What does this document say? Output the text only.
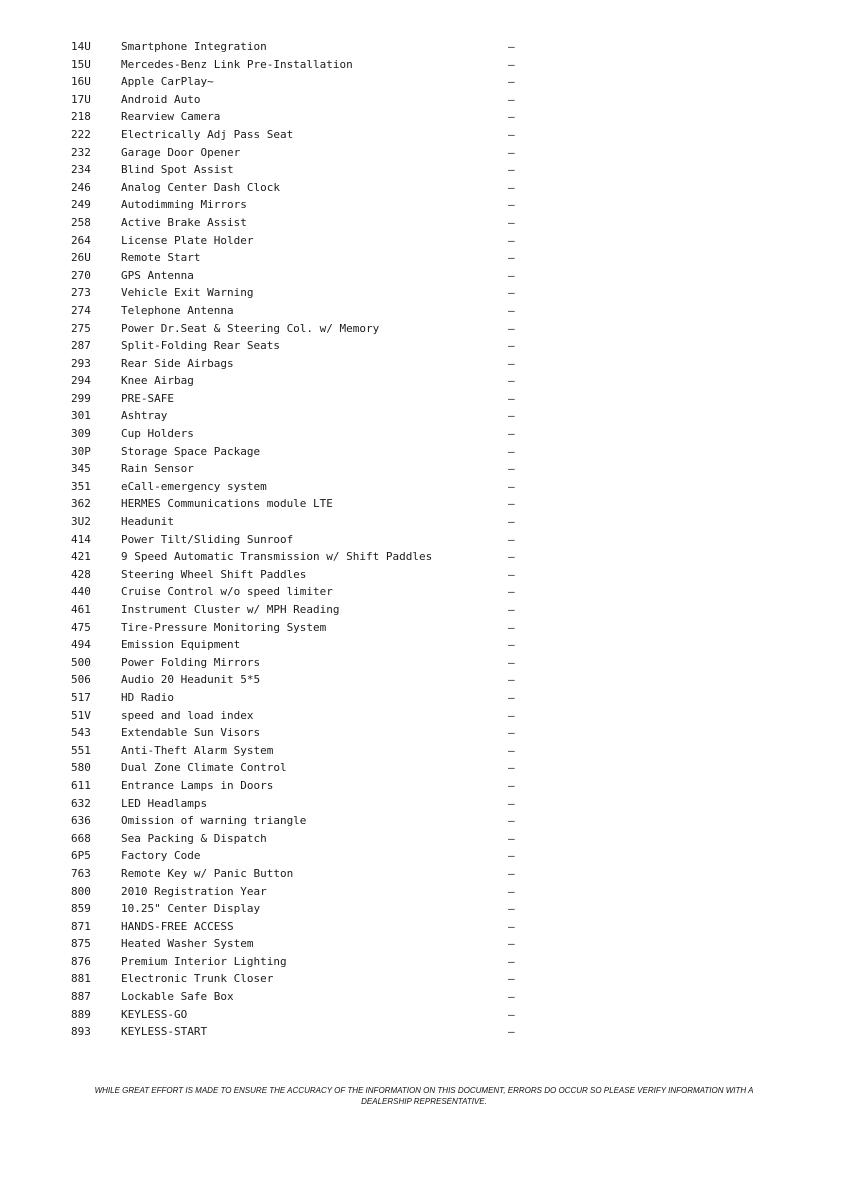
14U	Smartphone Integration	—
15U	Mercedes-Benz Link Pre-Installation	—
16U	Apple CarPlay~	—
17U	Android Auto	—
218	Rearview Camera	—
222	Electrically Adj Pass Seat	—
232	Garage Door Opener	—
234	Blind Spot Assist	—
246	Analog Center Dash Clock	—
249	Autodimming Mirrors	—
258	Active Brake Assist	—
264	License Plate Holder	—
26U	Remote Start	—
270	GPS Antenna	—
273	Vehicle Exit Warning	—
274	Telephone Antenna	—
275	Power Dr.Seat & Steering Col. w/ Memory	—
287	Split-Folding Rear Seats	—
293	Rear Side Airbags	—
294	Knee Airbag	—
299	PRE-SAFE	—
301	Ashtray	—
309	Cup Holders	—
30P	Storage Space Package	—
345	Rain Sensor	—
351	eCall-emergency system	—
362	HERMES Communications module LTE	—
3U2	Headunit	—
414	Power Tilt/Sliding Sunroof	—
421	9 Speed Automatic Transmission w/ Shift Paddles	—
428	Steering Wheel Shift Paddles	—
440	Cruise Control w/o speed limiter	—
461	Instrument Cluster w/ MPH Reading	—
475	Tire-Pressure Monitoring System	—
494	Emission Equipment	—
500	Power Folding Mirrors	—
506	Audio 20 Headunit 5*5	—
517	HD Radio	—
51V	speed and load index	—
543	Extendable Sun Visors	—
551	Anti-Theft Alarm System	—
580	Dual Zone Climate Control	—
611	Entrance Lamps in Doors	—
632	LED Headlamps	—
636	Omission of warning triangle	—
668	Sea Packing & Dispatch	—
6P5	Factory Code	—
763	Remote Key w/ Panic Button	—
800	2010 Registration Year	—
859	10.25" Center Display	—
871	HANDS-FREE ACCESS	—
875	Heated Washer System	—
876	Premium Interior Lighting	—
881	Electronic Trunk Closer	—
887	Lockable Safe Box	—
889	KEYLESS-GO	—
893	KEYLESS-START	—

WHILE GREAT EFFORT IS MADE TO ENSURE THE ACCURACY OF THE INFORMATION ON THIS DOCUMENT, ERRORS DO OCCUR SO PLEASE VERIFY INFORMATION WITH A
DEALERSHIP REPRESENTATIVE.
